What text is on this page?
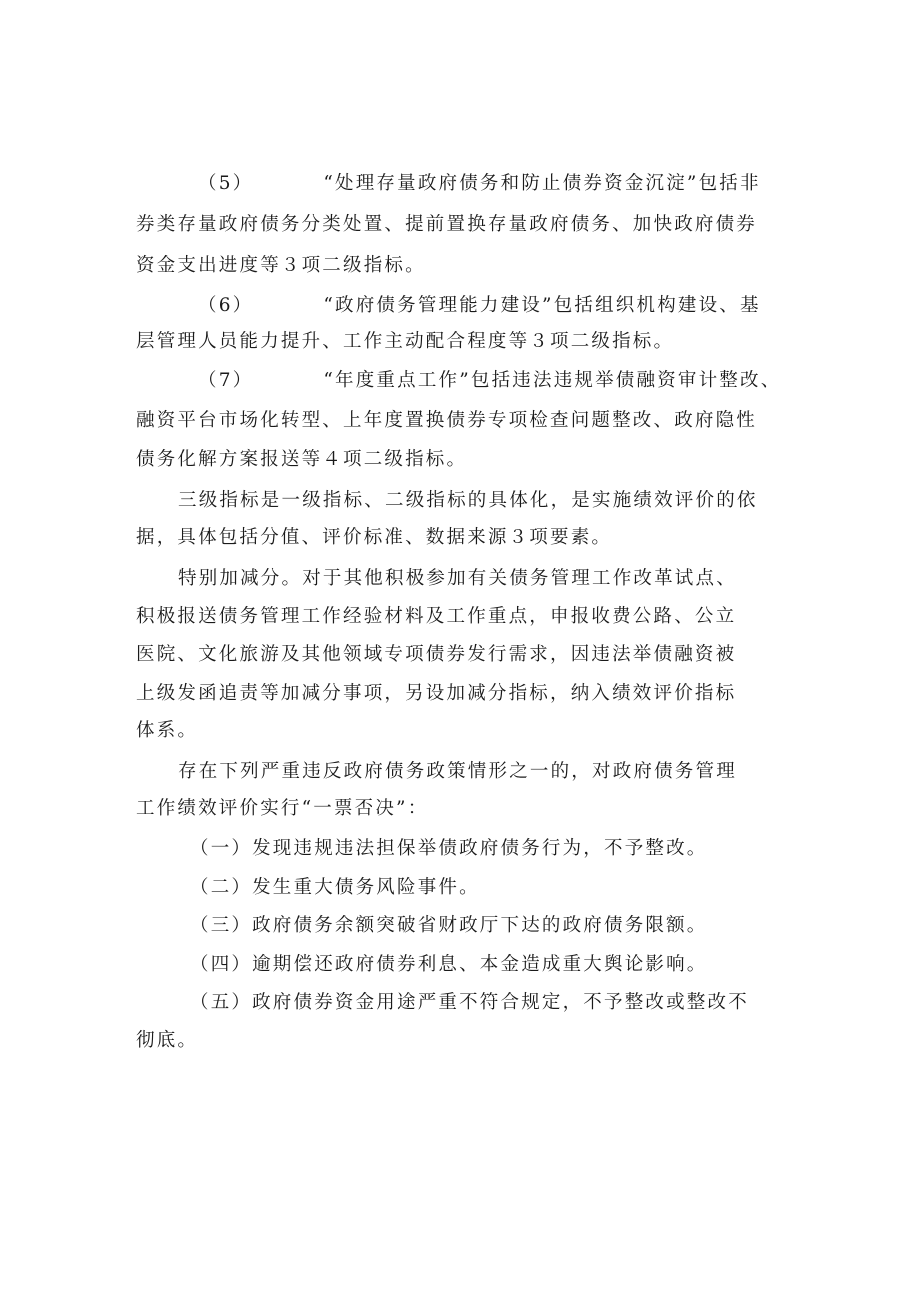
（5）	“处理存量政府债务和防止债券资金沉淀”包括非

券类存量政府债务分类处置、提前置换存量政府债务、加快政府债券

资金支出进度等３项二级指标。

（6）	“政府债务管理能力建设”包括组织机构建设、基

层管理人员能力提升、工作主动配合程度等３项二级指标。

（7）	“年度重点工作”包括违法违规举债融资审计整改、

融资平台市场化转型、上年度置换债券专项检查问题整改、政府隐性

债务化解方案报送等４项二级指标。

三级指标是一级指标、二级指标的具体化，是实施绩效评价的依

据，具体包括分值、评价标准、数据来源３项要素。

特别加减分。对于其他积极参加有关债务管理工作改革试点、

积极报送债务管理工作经验材料及工作重点，申报收费公路、公立

医院、文化旅游及其他领域专项债券发行需求，因违法举债融资被

上级发函追责等加减分事项，另设加减分指标，纳入绩效评价指标

体系。

存在下列严重违反政府债务政策情形之一的，对政府债务管理

工作绩效评价实行“一票否决”：

（一）发现违规违法担保举债政府债务行为，不予整改。

（二）发生重大债务风险事件。

（三）政府债务余额突破省财政厅下达的政府债务限额。

（四）逾期偿还政府债券利息、本金造成重大舆论影响。

（五）政府债券资金用途严重不符合规定，不予整改或整改不

彻底。
